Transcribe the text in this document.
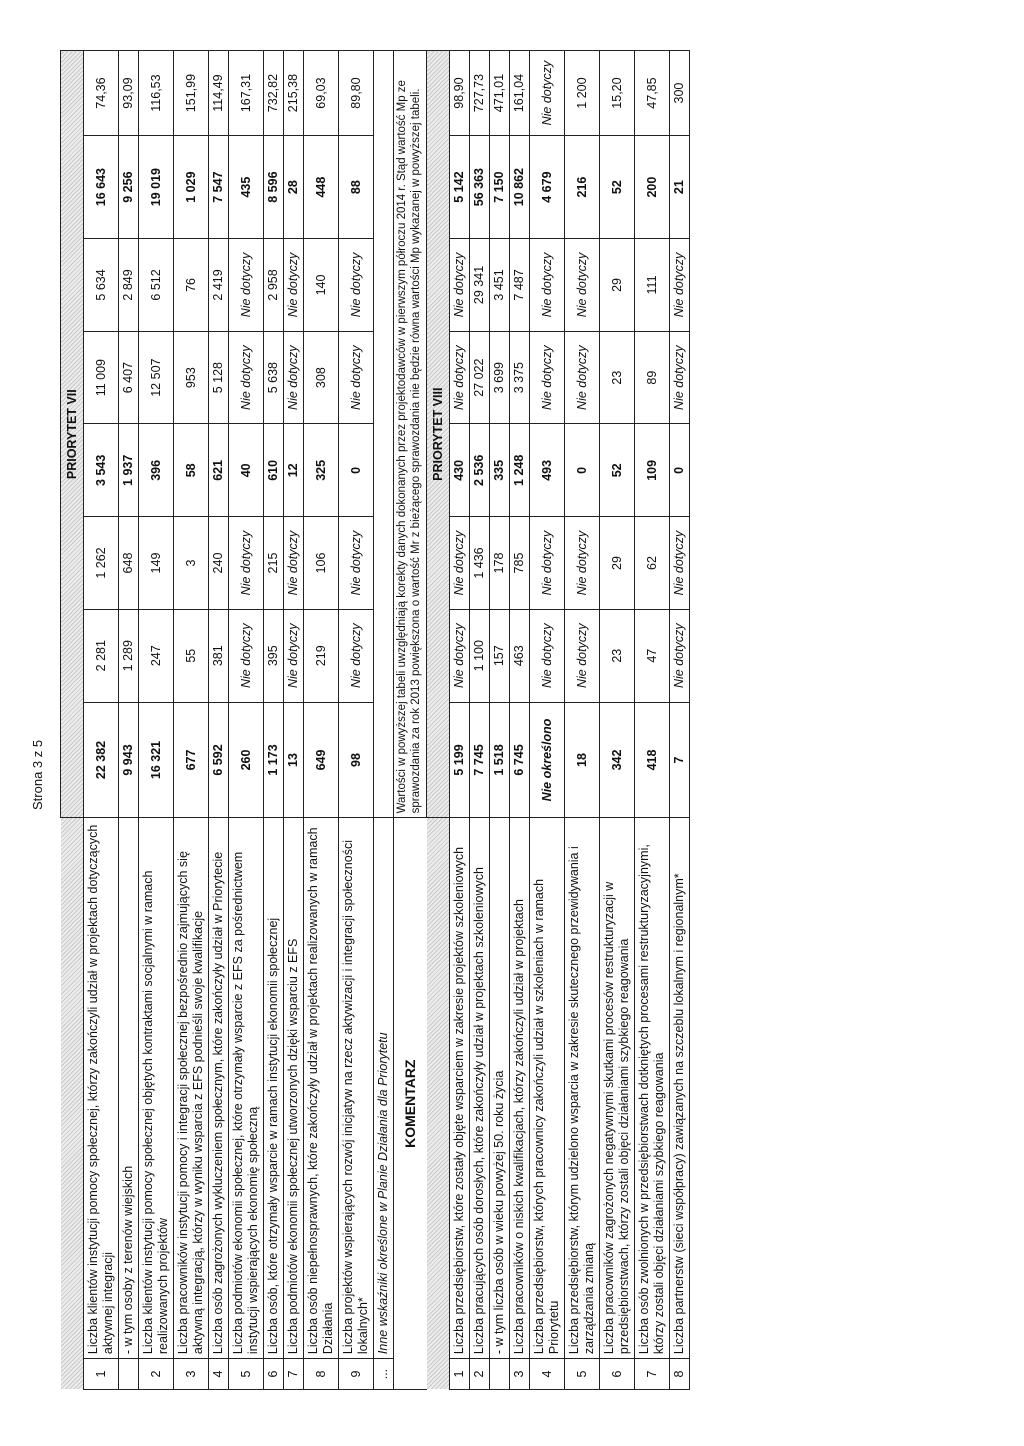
		PRIORYTET VII							
1	Liczba klientów instytucji pomocy społecznej, którzy zakończyli udział w projektach dotyczących aktywnej integracji	22 382	2 281	1 262	3 543	11 009	5 634	16 643	74,36
	- w tym osoby z terenów wiejskich	9 943	1 289	648	1 937	6 407	2 849	9 256	93,09
2	Liczba klientów instytucji pomocy społecznej objętych kontraktami socjalnymi w ramach realizowanych projektów	16 321	247	149	396	12 507	6 512	19 019	116,53
3	Liczba pracowników instytucji pomocy i integracji społecznej bezpośrednio zajmujących się aktywną integracją, którzy w wyniku wsparcia z EFS podnieśli swoje kwalifikacje	677	55	3	58	953	76	1 029	151,99
4	Liczba osób zagrożonych wykluczeniem społecznym, które zakończyły udział w Priorytecie	6 592	381	240	621	5 128	2 419	7 547	114,49
5	Liczba podmiotów ekonomii społecznej, które otrzymały wsparcie z EFS za pośrednictwem instytucji wspierających ekonomię społeczną	260	Nie dotyczy	Nie dotyczy	40	Nie dotyczy	Nie dotyczy	435	167,31
6	Liczba osób, które otrzymały wsparcie w ramach instytucji ekonomii społecznej	1 173	395	215	610	5 638	2 958	8 596	732,82
7	Liczba podmiotów ekonomii społecznej utworzonych dzięki wsparciu z EFS	13	Nie dotyczy	Nie dotyczy	12	Nie dotyczy	Nie dotyczy	28	215,38
8	Liczba osób niepełnosprawnych, które zakończyły udział w projektach realizowanych w ramach Działania	649	219	106	325	308	140	448	69,03
9	Liczba projektów wspierających rozwój inicjatyw na rzecz aktywizacji i integracji społeczności lokalnych*	98	Nie dotyczy	Nie dotyczy	0	Nie dotyczy	Nie dotyczy	88	89,80
...	Inne wskaźniki określone w Planie Działania dla Priorytetu								
KOMENTARZ		Wartości w powyższej tabeli uwzględniają korekty danych dokonanych przez projektodawców w pierwszym półroczu 2014 r. Stąd wartość Mp ze sprawozdania za rok 2013 powiększona o wartość Mr z bieżącego sprawozdania nie będzie równa wartości Mp wykazanej w powyższej tabeli.							
		PRIORYTET VIII							
1	Liczba przedsiębiorstw, które zostały objęte wsparciem w zakresie projektów szkoleniowych	5 199	Nie dotyczy	Nie dotyczy	430	Nie dotyczy	Nie dotyczy	5 142	98,90
2	Liczba pracujących osób dorosłych, które zakończyły udział w projektach szkoleniowych	7 745	1 100	1 436	2 536	27 022	29 341	56 363	727,73
	- w tym liczba osób w wieku powyżej 50. roku życia	1 518	157	178	335	3 699	3 451	7 150	471,01
3	Liczba pracowników o niskich kwalifikacjach, którzy zakończyli udział w projektach	6 745	463	785	1 248	3 375	7 487	10 862	161,04
4	Liczba przedsiębiorstw, których pracownicy zakończyli udział w szkoleniach w ramach Priorytetu	Nie określono	Nie dotyczy	Nie dotyczy	493	Nie dotyczy	Nie dotyczy	4 679	Nie dotyczy
5	Liczba przedsiębiorstw, którym udzielono wsparcia w zakresie skutecznego przewidywania i zarządzania zmianą	18	Nie dotyczy	Nie dotyczy	0	Nie dotyczy	Nie dotyczy	216	1 200
6	Liczba pracowników zagrożonych negatywnymi skutkami procesów restrukturyzacji w przedsiębiorstwach, którzy zostali objęci działaniami szybkiego reagowania	342	23	29	52	23	29	52	15,20
7	Liczba osób zwolnionych w przedsiębiorstwach dotkniętych procesami restrukturyzacyjnymi, którzy zostali objęci działaniami szybkiego reagowania	418	47	62	109	89	111	200	47,85
8	Liczba partnerstw (sieci współpracy) zawiązanych na szczeblu lokalnym i regionalnym*	7	Nie dotyczy	Nie dotyczy	0	Nie dotyczy	Nie dotyczy	21	300
Strona 3 z 5
